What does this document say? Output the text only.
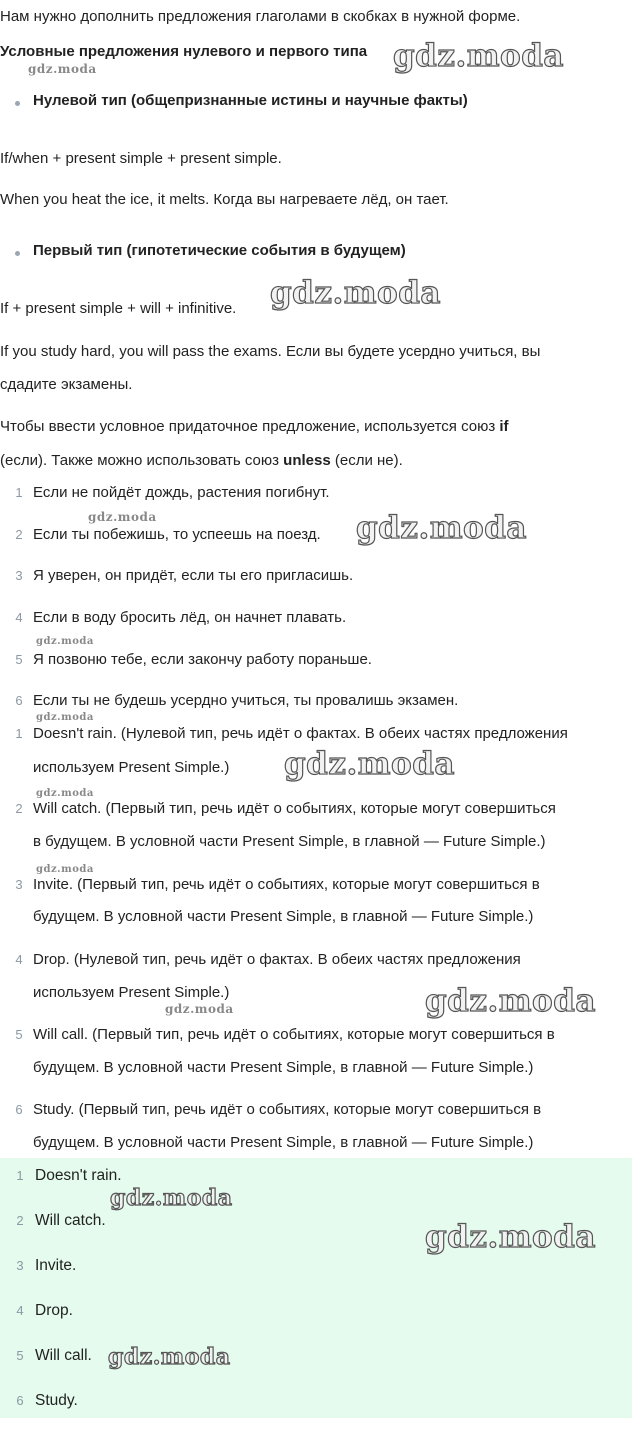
Нам нужно дополнить предложения глаголами в скобках в нужной форме.
Условные предложения нулевого и первого типа
Нулевой тип (общепризнанные истины и научные факты)
If/when + present simple + present simple.
When you heat the ice, it melts. Когда вы нагреваете лёд, он тает.
Первый тип (гипотетические события в будущем)
If + present simple + will + infinitive.
If you study hard, you will pass the exams. Если вы будете усердно учиться, вы
сдадите экзамены.
Чтобы ввести условное придаточное предложение, используется союз if
(если). Также можно использовать союз unless (если не).
1 Если не пойдёт дождь, растения погибнут.
2 Если ты побежишь, то успеешь на поезд.
3 Я уверен, он придёт, если ты его пригласишь.
4 Если в воду бросить лёд, он начнет плавать.
5 Я позвоню тебе, если закончу работу пораньше.
6 Если ты не будешь усердно учиться, ты провалишь экзамен.
1 Doesn't rain. (Нулевой тип, речь идёт о фактах. В обеих частях предложения
используем Present Simple.)
2 Will catch. (Первый тип, речь идёт о событиях, которые могут совершиться
в будущем. В условной части Present Simple, в главной — Future Simple.)
3 Invite. (Первый тип, речь идёт о событиях, которые могут совершиться в
будущем. В условной части Present Simple, в главной — Future Simple.)
4 Drop. (Нулевой тип, речь идёт о фактах. В обеих частях предложения
используем Present Simple.)
5 Will call. (Первый тип, речь идёт о событиях, которые могут совершиться в
будущем. В условной части Present Simple, в главной — Future Simple.)
6 Study. (Первый тип, речь идёт о событиях, которые могут совершиться в
будущем. В условной части Present Simple, в главной — Future Simple.)
1 Doesn't rain.
2 Will catch.
3 Invite.
4 Drop.
5 Will call.
6 Study.
gdz.moda
gdz.moda
gdz.moda
gdz.moda	gdz.moda
gdz.moda
gdz.moda
gdz.moda
gdz.moda
gdz.moda
gdz.moda	gdz.moda
gdz.moda
gdz.moda
gdz.moda
